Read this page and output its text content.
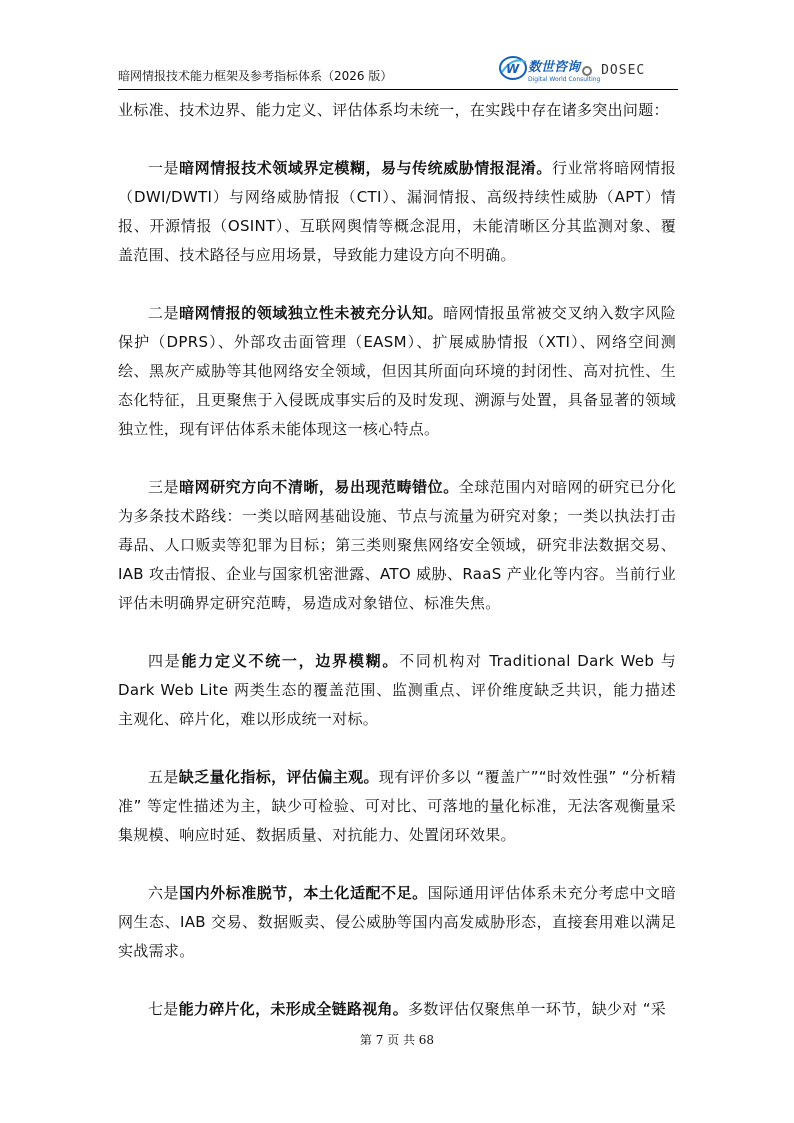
暗网情报技术能力框架及参考指标体系（2026 版）	W 数世咨询
Digital World Consulting
DOSEC

业标准、技术边界、能力定义、评估体系均未统一，在实践中存在诸多突出问题：

一是暗网情报技术领域界定模糊，易与传统威胁情报混淆。行业常将暗网情报（DWI/DWTI）与网络威胁情报（CTI）、漏洞情报、高级持续性威胁（APT）情报、开源情报（OSINT）、互联网舆情等概念混用，未能清晰区分其监测对象、覆盖范围、技术路径与应用场景，导致能力建设方向不明确。

二是暗网情报的领域独立性未被充分认知。暗网情报虽常被交叉纳入数字风险保护（DPRS）、外部攻击面管理（EASM）、扩展威胁情报（XTI）、网络空间测绘、黑灰产威胁等其他网络安全领域，但因其所面向环境的封闭性、高对抗性、生态化特征，且更聚焦于入侵既成事实后的及时发现、溯源与处置，具备显著的领域独立性，现有评估体系未能体现这一核心特点。

三是暗网研究方向不清晰，易出现范畴错位。全球范围内对暗网的研究已分化为多条技术路线：一类以暗网基础设施、节点与流量为研究对象；一类以执法打击毒品、人口贩卖等犯罪为目标；第三类则聚焦网络安全领域，研究非法数据交易、IAB 攻击情报、企业与国家机密泄露、ATO 威胁、RaaS 产业化等内容。当前行业评估未明确界定研究范畴，易造成对象错位、标准失焦。

四是能力定义不统一，边界模糊。不同机构对 Traditional Dark Web 与 Dark Web Lite 两类生态的覆盖范围、监测重点、评价维度缺乏共识，能力描述主观化、碎片化，难以形成统一对标。

五是缺乏量化指标，评估偏主观。现有评价多以 “覆盖广”“时效性强” “分析精准” 等定性描述为主，缺少可检验、可对比、可落地的量化标准，无法客观衡量采集规模、响应时延、数据质量、对抗能力、处置闭环效果。

六是国内外标准脱节，本土化适配不足。国际通用评估体系未充分考虑中文暗网生态、IAB 交易、数据贩卖、侵公威胁等国内高发威胁形态，直接套用难以满足实战需求。

七是能力碎片化，未形成全链路视角。多数评估仅聚焦单一环节，缺少对 “采

第 7 页 共 68
